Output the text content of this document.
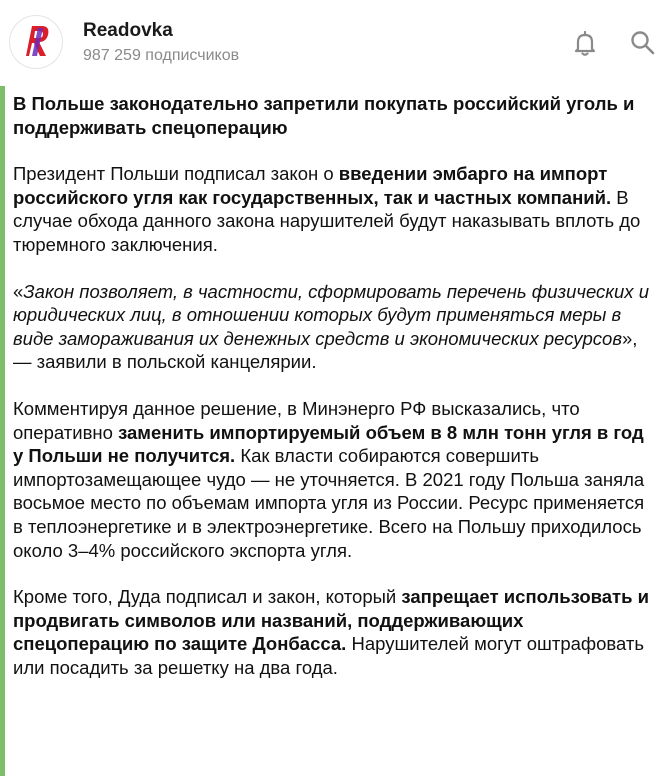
Readovka
987 259 подписчиков

В Польше законодательно запретили покупать российский уголь и поддерживать спецоперацию

Президент Польши подписал закон о введении эмбарго на импорт российского угля как государственных, так и частных компаний. В случае обхода данного закона нарушителей будут наказывать вплоть до тюремного заключения.

«Закон позволяет, в частности, сформировать перечень физических и юридических лиц, в отношении которых будут применяться меры в виде замораживания их денежных средств и экономических ресурсов», — заявили в польской канцелярии.

Комментируя данное решение, в Минэнерго РФ высказались, что оперативно заменить импортируемый объем в 8 млн тонн угля в год у Польши не получится. Как власти собираются совершить импортозамещающее чудо — не уточняется. В 2021 году Польша заняла восьмое место по объемам импорта угля из России. Ресурс применяется в теплоэнергетике и в электроэнергетике. Всего на Польшу приходилось около 3–4% российского экспорта угля.

Кроме того, Дуда подписал и закон, который запрещает использовать и продвигать символов или названий, поддерживающих спецоперацию по защите Донбасса. Нарушителей могут оштрафовать или посадить за решетку на два года.
